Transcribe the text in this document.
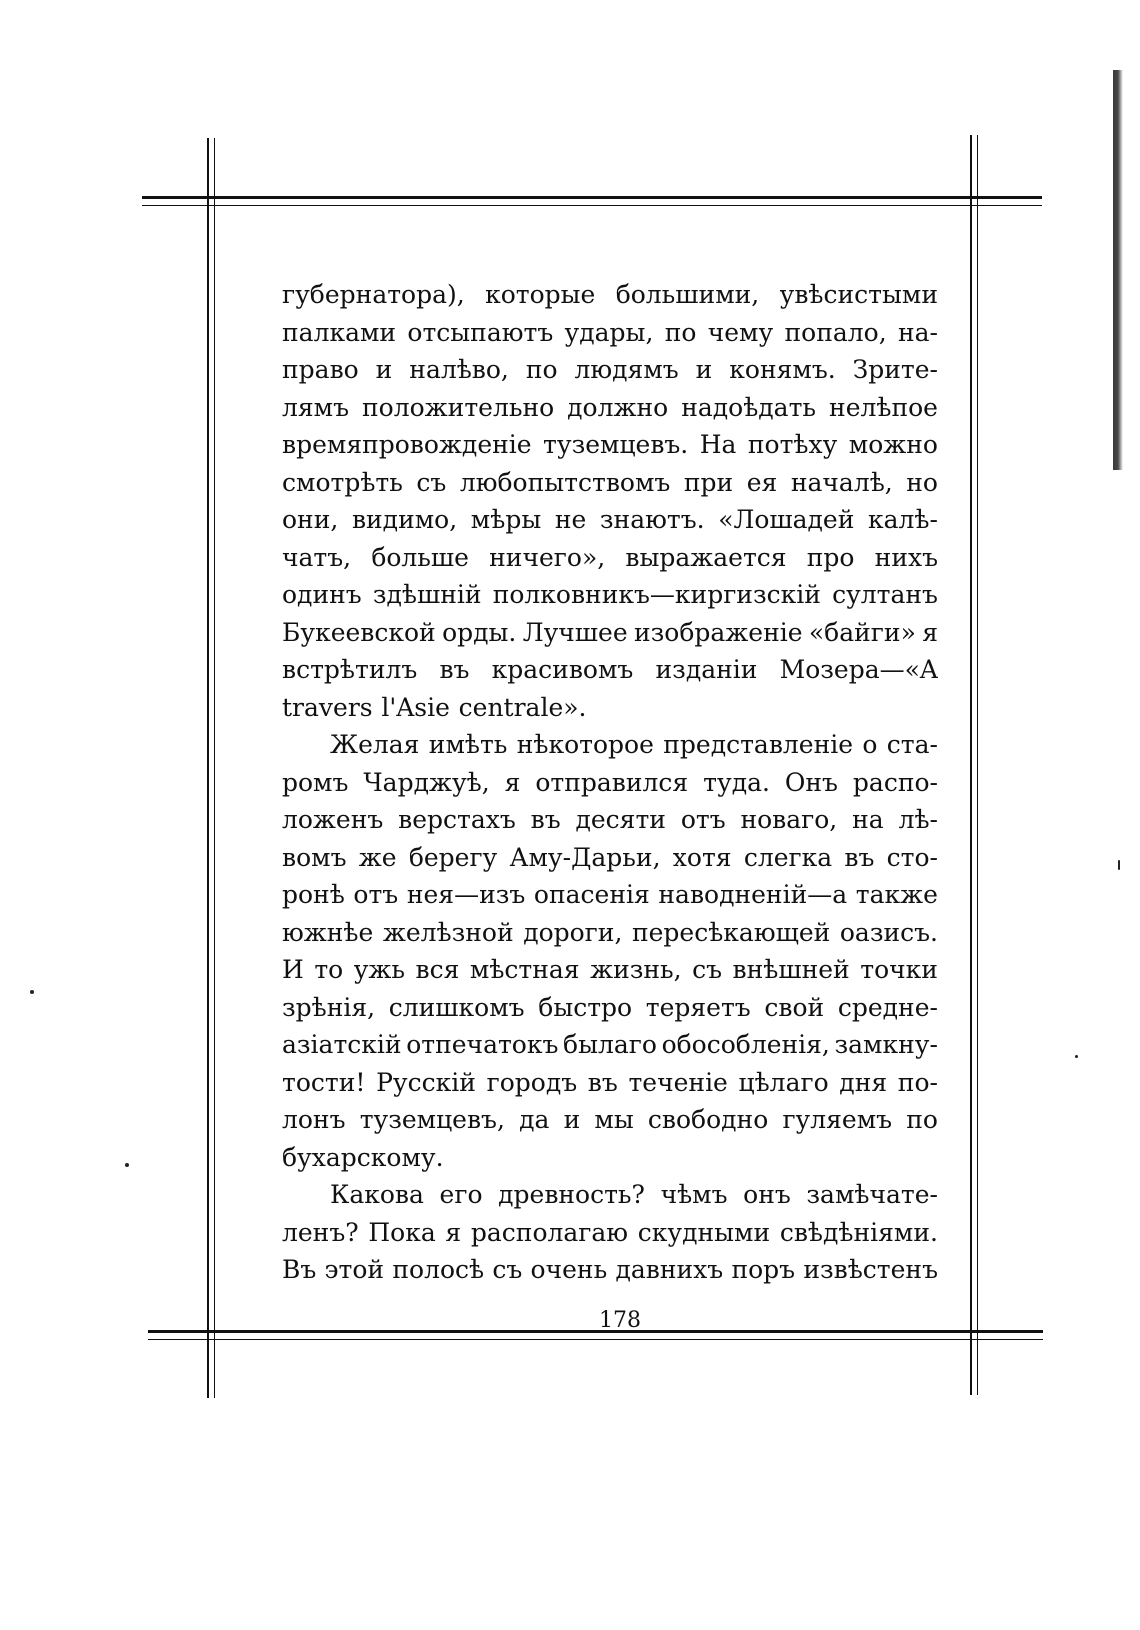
губернатора), которые большими, увѣсистыми
палками отсыпаютъ удары, по чему попало, на-
право и налѣво, по людямъ и конямъ. Зрите-
лямъ положительно должно надоѣдать нелѣпое
времяпровожденіе туземцевъ. На потѣху можно
смотрѣть съ любопытствомъ при ея началѣ, но
они, видимо, мѣры не знаютъ. «Лошадей калѣ-
чатъ, больше ничего», выражается про нихъ
одинъ здѣшній полковникъ—киргизскій султанъ
Букеевской орды. Лучшее изображеніе «байги» я
встрѣтилъ въ красивомъ изданіи Мозера—«A
travers l'Asie centrale».
Желая имѣть нѣкоторое представленіе о ста-
ромъ Чарджуѣ, я отправился туда. Онъ распо-
ложенъ верстахъ въ десяти отъ новаго, на лѣ-
вомъ же берегу Аму-Дарьи, хотя слегка въ сто-
ронѣ отъ нея—изъ опасенія наводненій—а также
южнѣе желѣзной дороги, пересѣкающей оазисъ.
И то ужь вся мѣстная жизнь, съ внѣшней точки
зрѣнія, слишкомъ быстро теряетъ свой средне-
азіатскій отпечатокъ былаго обособленія, замкну-
тости! Русскій городъ въ теченіе цѣлаго дня по-
лонъ туземцевъ, да и мы свободно гуляемъ по
бухарскому.
Какова его древность? чѣмъ онъ замѣчате-
ленъ? Пока я располагаю скудными свѣдѣніями.
Въ этой полосѣ съ очень давнихъ поръ извѣстенъ
178
